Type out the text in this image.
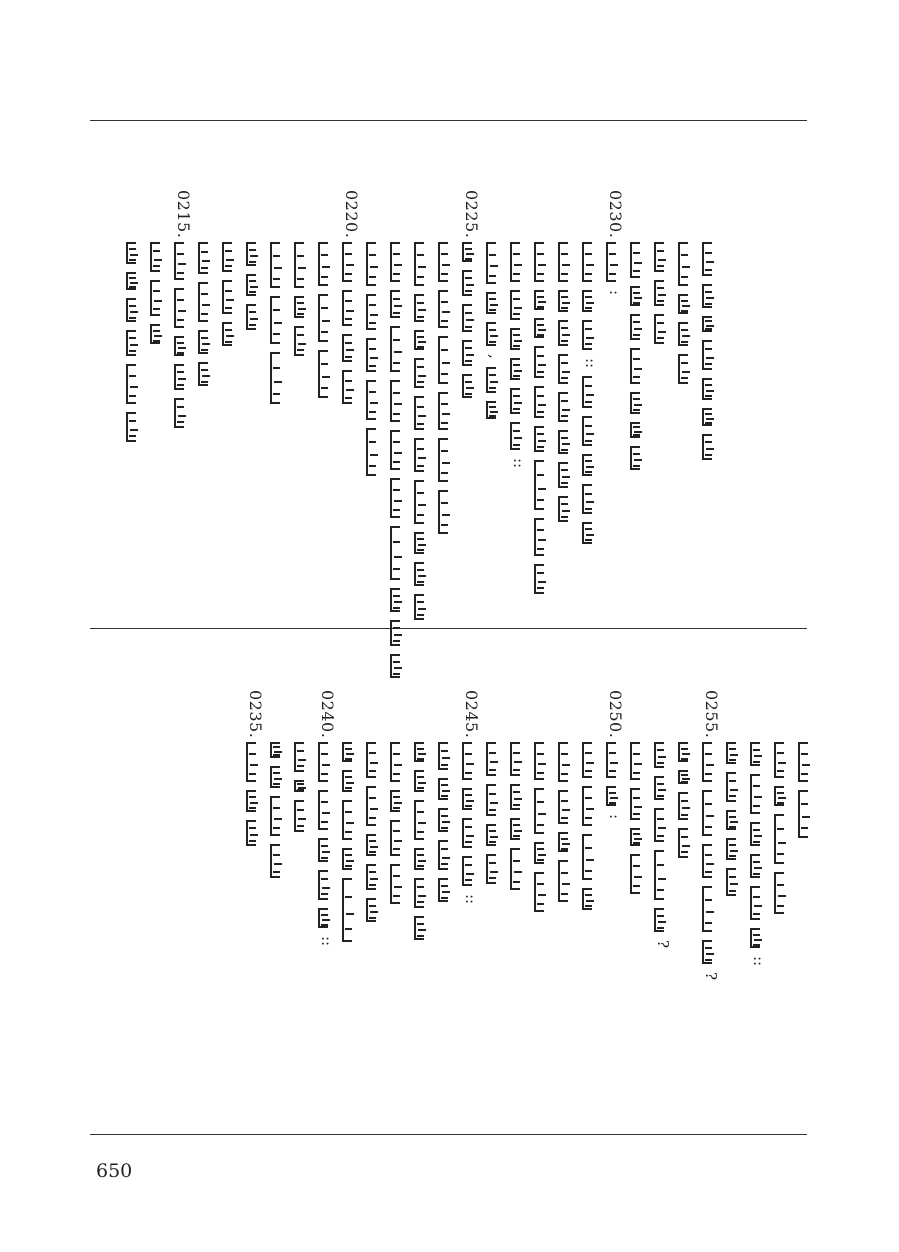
:
::
::
,
0230.
0225.
0220.
0215.
::
?
?
:
::
::
0255.
0250.
0245.
0240.
0235.
650
